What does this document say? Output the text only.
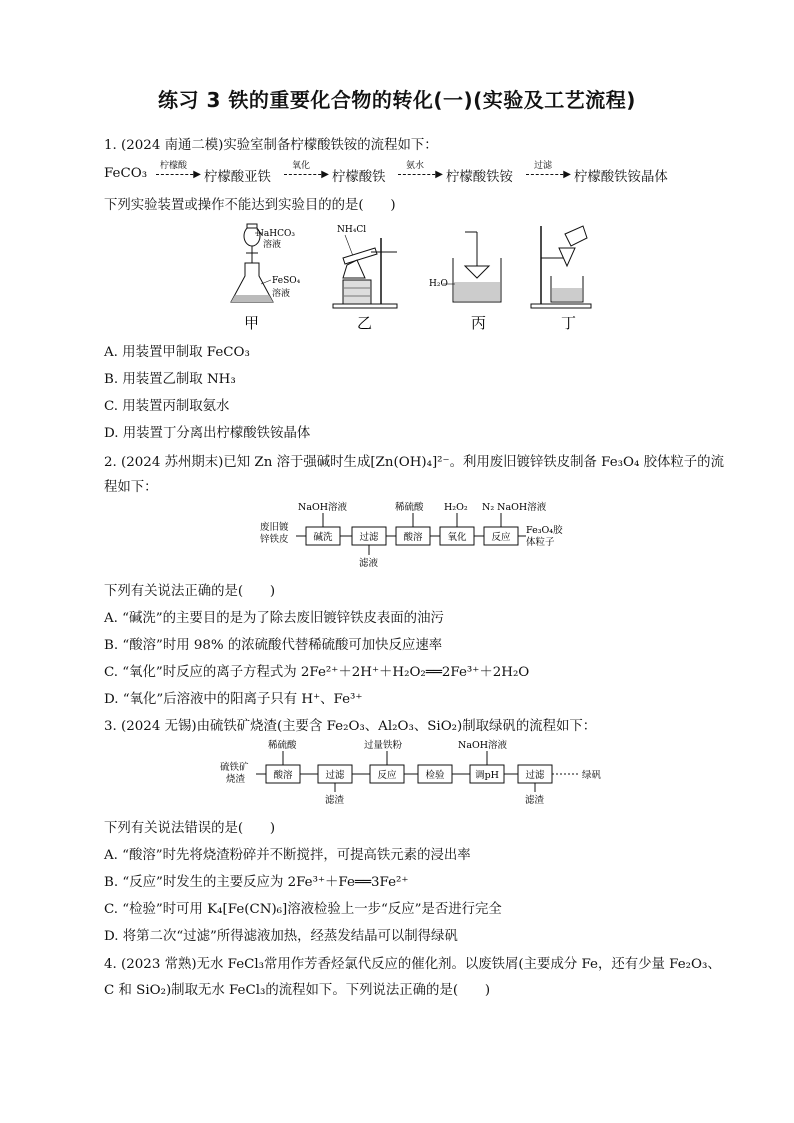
练习 3 铁的重要化合物的转化(一)(实验及工艺流程)
1. (2024 南通二模)实验室制备柠檬酸铁铵的流程如下：
FeCO₃ 柠檬酸
▶ 柠檬酸亚铁
氧化
▶ 柠檬酸铁
氨水
▶ 柠檬酸铁铵
过滤
▶ 柠檬酸铁铵晶体
下列实验装置或操作不能达到实验目的的是(　　)
NaHCO₃
溶液
FeSO₄
溶液
甲
NH₄Cl
乙
H₂O
丙	丁
A. 用装置甲制取 FeCO₃
B. 用装置乙制取 NH₃
C. 用装置丙制取氨水
D. 用装置丁分离出柠檬酸铁铵晶体
2. (2024 苏州期末)已知 Zn 溶于强碱时生成[Zn(OH)₄]²⁻。利用废旧镀锌铁皮制备 Fe₃O₄ 胶体粒子的流
程如下：
废旧镀
锌铁皮	碱洗	过滤	酸溶	氧化	反应
Fe₃O₄胶
体粒子
NaOH溶液	稀硫酸 H₂O₂ N₂ NaOH溶液
滤液
下列有关说法正确的是(　　)
A. “碱洗”的主要目的是为了除去废旧镀锌铁皮表面的油污
B. “酸溶”时用 98% 的浓硫酸代替稀硫酸可加快反应速率
C. “氧化”时反应的离子方程式为 2Fe²⁺＋2H⁺＋H₂O₂══2Fe³⁺＋2H₂O
D. “氧化”后溶液中的阳离子只有 H⁺、Fe³⁺
3. (2024 无锡)由硫铁矿烧渣(主要含 Fe₂O₃、Al₂O₃、SiO₂)制取绿矾的流程如下：
硫铁矿
烧渣	酸溶	过滤	反应	检验	调pH	过滤	绿矾
稀硫酸	过量铁粉	NaOH溶液
滤渣	滤渣
下列有关说法错误的是(　　)
A. “酸溶”时先将烧渣粉碎并不断搅拌，可提高铁元素的浸出率
B. “反应”时发生的主要反应为 2Fe³⁺＋Fe══3Fe²⁺
C. “检验”时可用 K₄[Fe(CN)₆]溶液检验上一步“反应”是否进行完全
D. 将第二次“过滤”所得滤液加热，经蒸发结晶可以制得绿矾
4. (2023 常熟)无水 FeCl₃常用作芳香烃氯代反应的催化剂。以废铁屑(主要成分 Fe，还有少量 Fe₂O₃、
C 和 SiO₂)制取无水 FeCl₃的流程如下。下列说法正确的是(　　)
